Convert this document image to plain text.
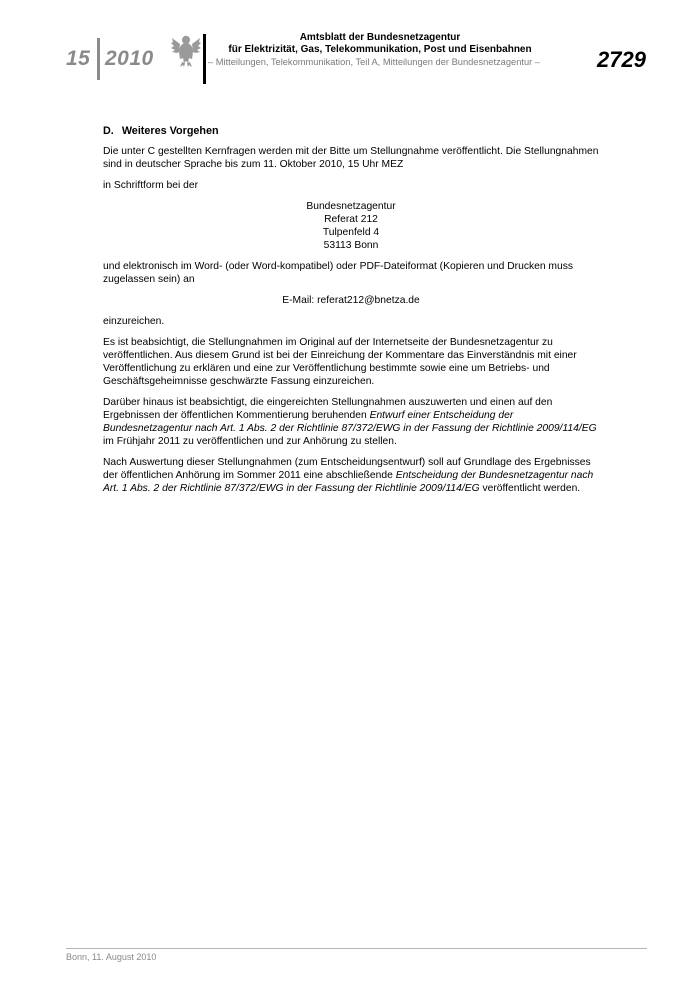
15 2010
Amtsblatt der Bundesnetzagentur
für Elektrizität, Gas, Telekommunikation, Post und Eisenbahnen
– Mitteilungen, Telekommunikation, Teil A, Mitteilungen der Bundesnetzagentur –	2729
D. Weiteres Vorgehen

Die unter C gestellten Kernfragen werden mit der Bitte um Stellungnahme veröffentlicht. Die Stellungnahmen sind in deutscher Sprache bis zum 11. Oktober 2010, 15 Uhr MEZ

in Schriftform bei der

Bundesnetzagentur
Referat 212
Tulpenfeld 4
53113 Bonn

und elektronisch im Word- (oder Word-kompatibel) oder PDF-Dateiformat (Kopieren und Drucken muss zugelassen sein) an

E-Mail: referat212@bnetza.de

einzureichen.

Es ist beabsichtigt, die Stellungnahmen im Original auf der Internetseite der Bundesnetzagentur zu veröffentlichen. Aus diesem Grund ist bei der Einreichung der Kommentare das Einverständnis mit einer Veröffentlichung zu erklären und eine zur Veröffentlichung bestimmte sowie eine um Betriebs- und Geschäftsgeheimnisse geschwärzte Fassung einzureichen.

Darüber hinaus ist beabsichtigt, die eingereichten Stellungnahmen auszuwerten und einen auf den Ergebnissen der öffentlichen Kommentierung beruhenden Entwurf einer Entscheidung der Bundesnetzagentur nach Art. 1 Abs. 2 der Richtlinie 87/372/EWG in der Fassung der Richtlinie 2009/114/EG im Frühjahr 2011 zu veröffentlichen und zur Anhörung zu stellen.

Nach Auswertung dieser Stellungnahmen (zum Entscheidungsentwurf) soll auf Grundlage des Ergebnisses der öffentlichen Anhörung im Sommer 2011 eine abschließende Entscheidung der Bundesnetzagentur nach Art. 1 Abs. 2 der Richtlinie 87/372/EWG in der Fassung der Richtlinie 2009/114/EG veröffentlicht werden.

Bonn, 11. August 2010
